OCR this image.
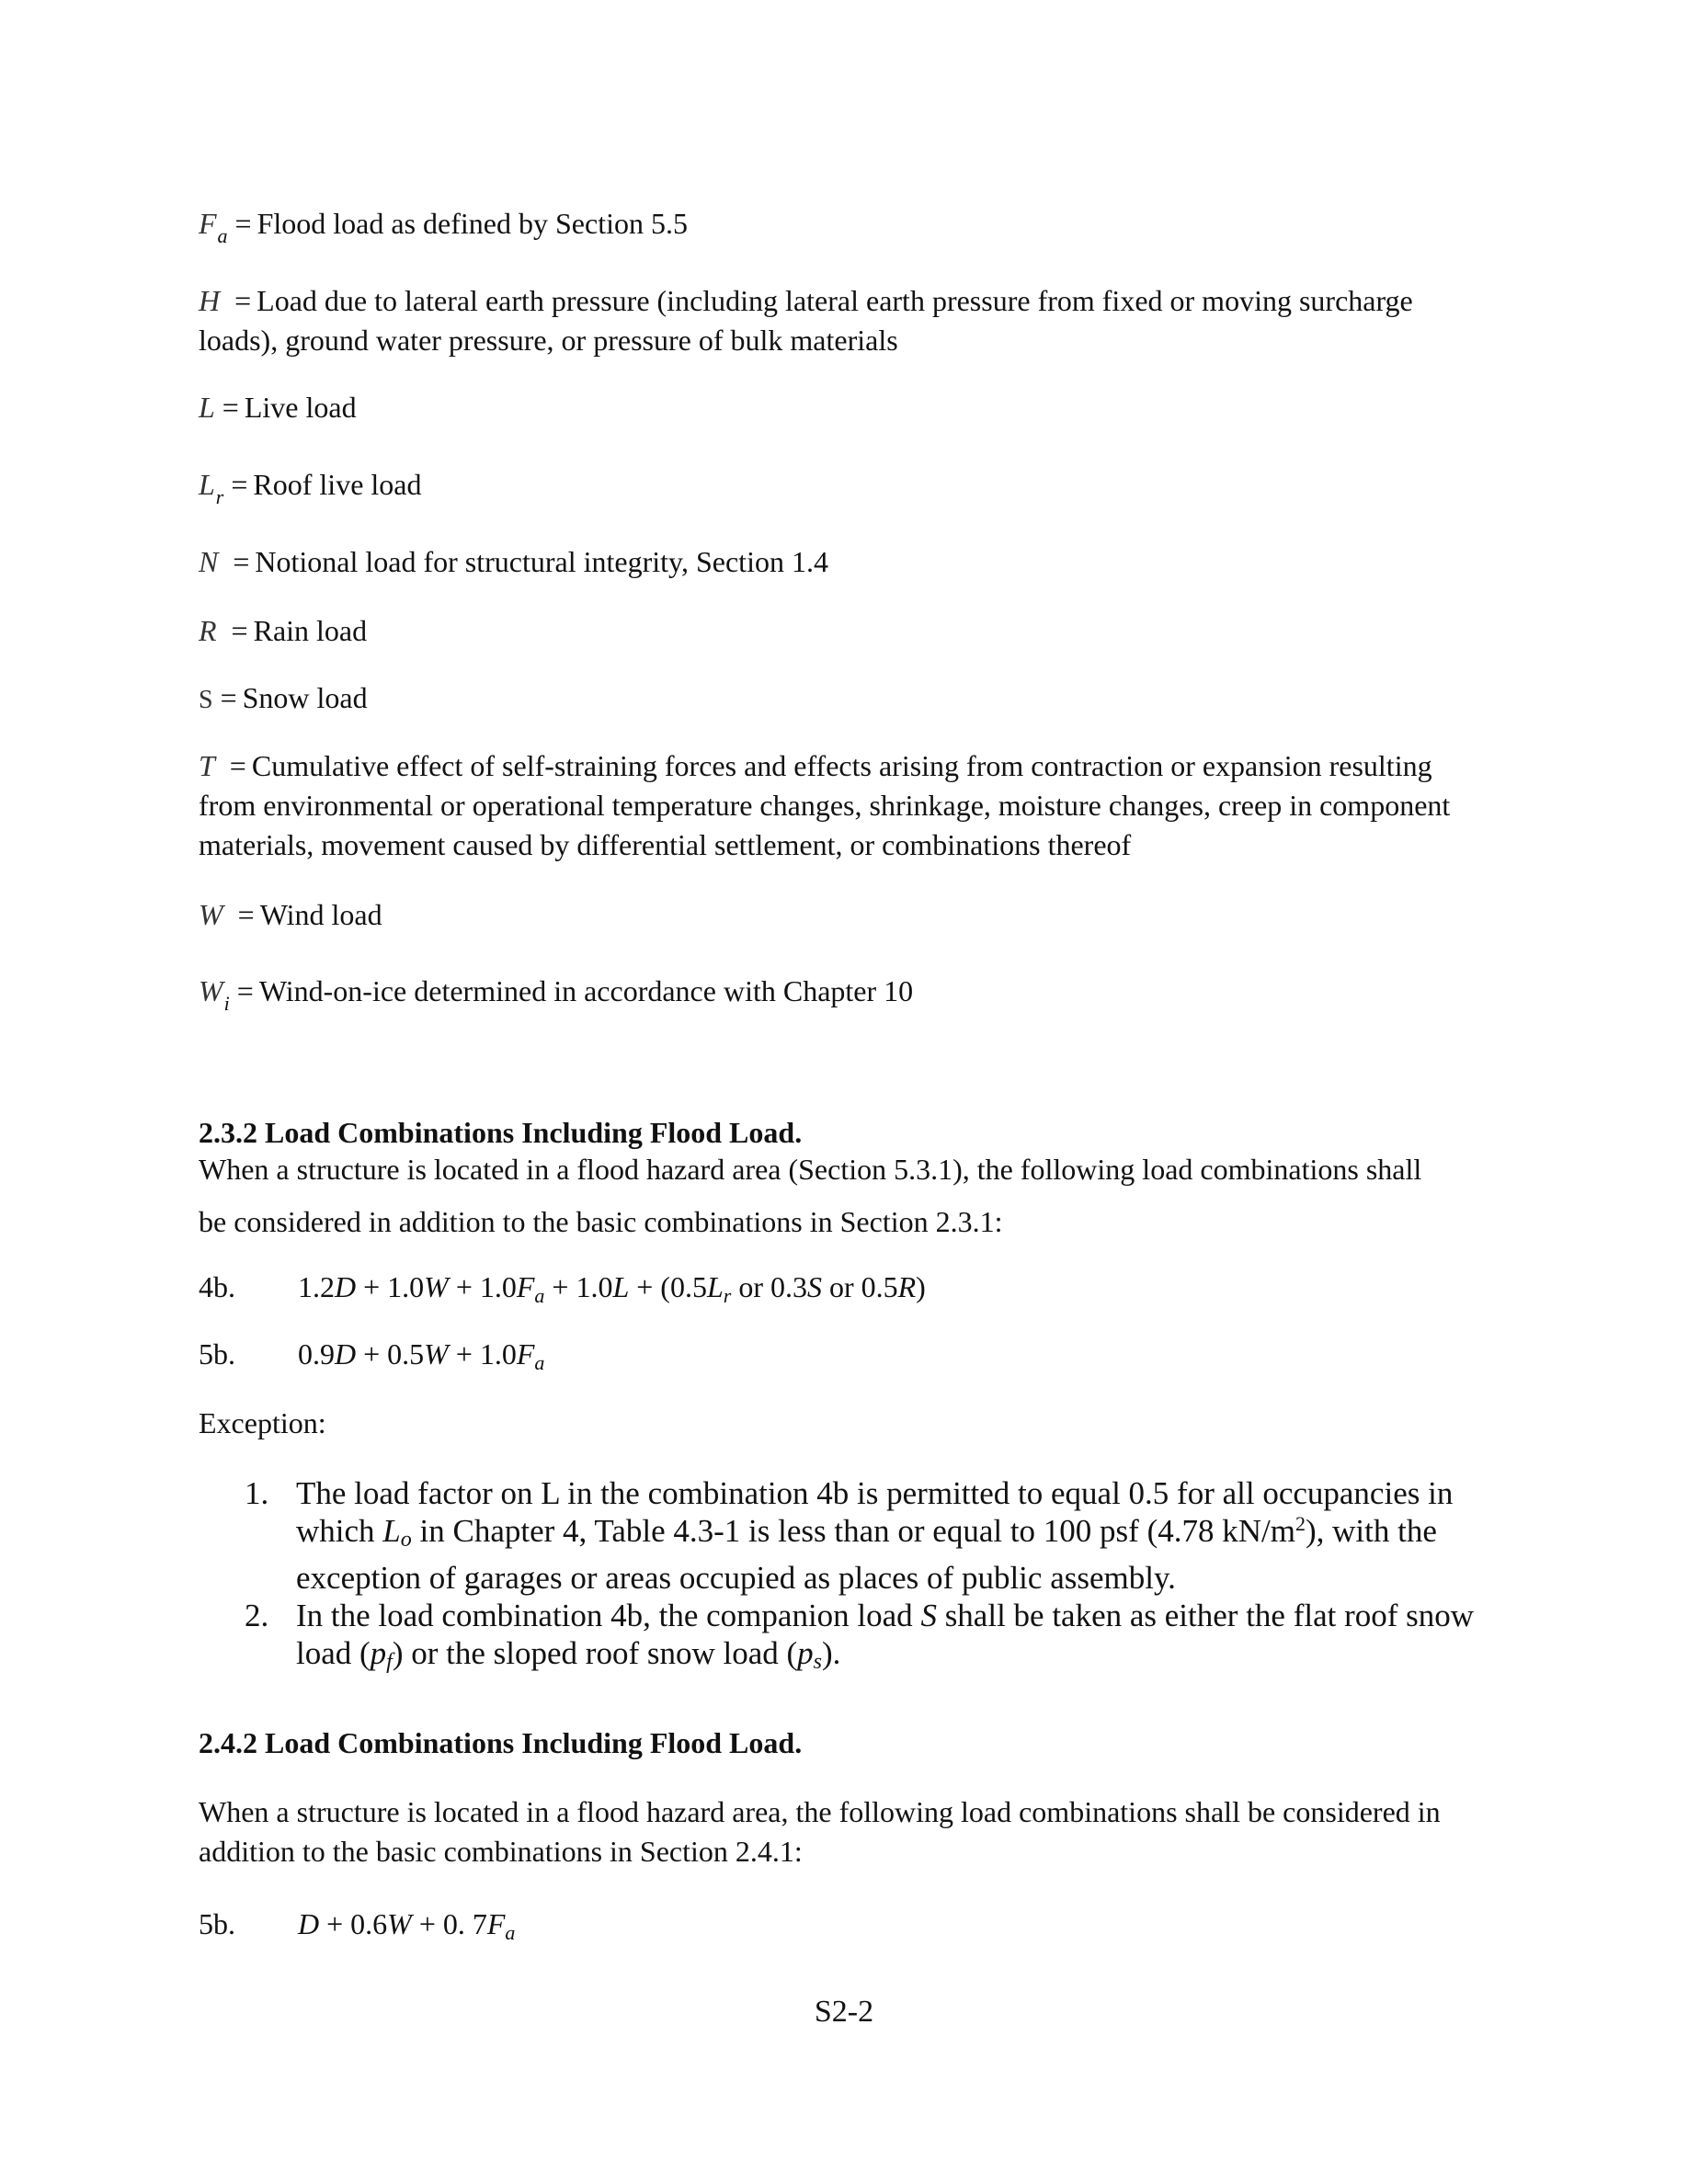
$F_a$ = Flood load as defined by Section 5.5
H = Load due to lateral earth pressure (including lateral earth pressure from fixed or moving surcharge loads), ground water pressure, or pressure of bulk materials
L = Live load
$L_r$ = Roof live load
N = Notional load for structural integrity, Section 1.4
R = Rain load
S = Snow load
T = Cumulative effect of self-straining forces and effects arising from contraction or expansion resulting from environmental or operational temperature changes, shrinkage, moisture changes, creep in component materials, movement caused by differential settlement, or combinations thereof
W = Wind load
$W_i$ = Wind-on-ice determined in accordance with Chapter 10
2.3.2 Load Combinations Including Flood Load.
When a structure is located in a flood hazard area (Section 5.3.1), the following load combinations shall
be considered in addition to the basic combinations in Section 2.3.1:
4b. $1.2D + 1.0W + 1.0F_a + 1.0L + (0.5L_r$ or 0.3S or 0.5R)
5b. $0.9D + 0.5W + 1.0F_a$
Exception:
1. The load factor on L in the combination 4b is permitted to equal 0.5 for all occupancies in which $L_o$ in Chapter 4, Table 4.3-1 is less than or equal to 100 psf (4.78 $kN/m^2$), with the exception of garages or areas occupied as places of public assembly.
2. In the load combination 4b, the companion load S shall be taken as either the flat roof snow load $(p_f)$ or the sloped roof snow load $(p_s)$.
2.4.2 Load Combinations Including Flood Load.
When a structure is located in a flood hazard area, the following load combinations shall be considered in addition to the basic combinations in Section 2.4.1:
5b. D + 0.6W + 0. $7F_a$
S2-2
